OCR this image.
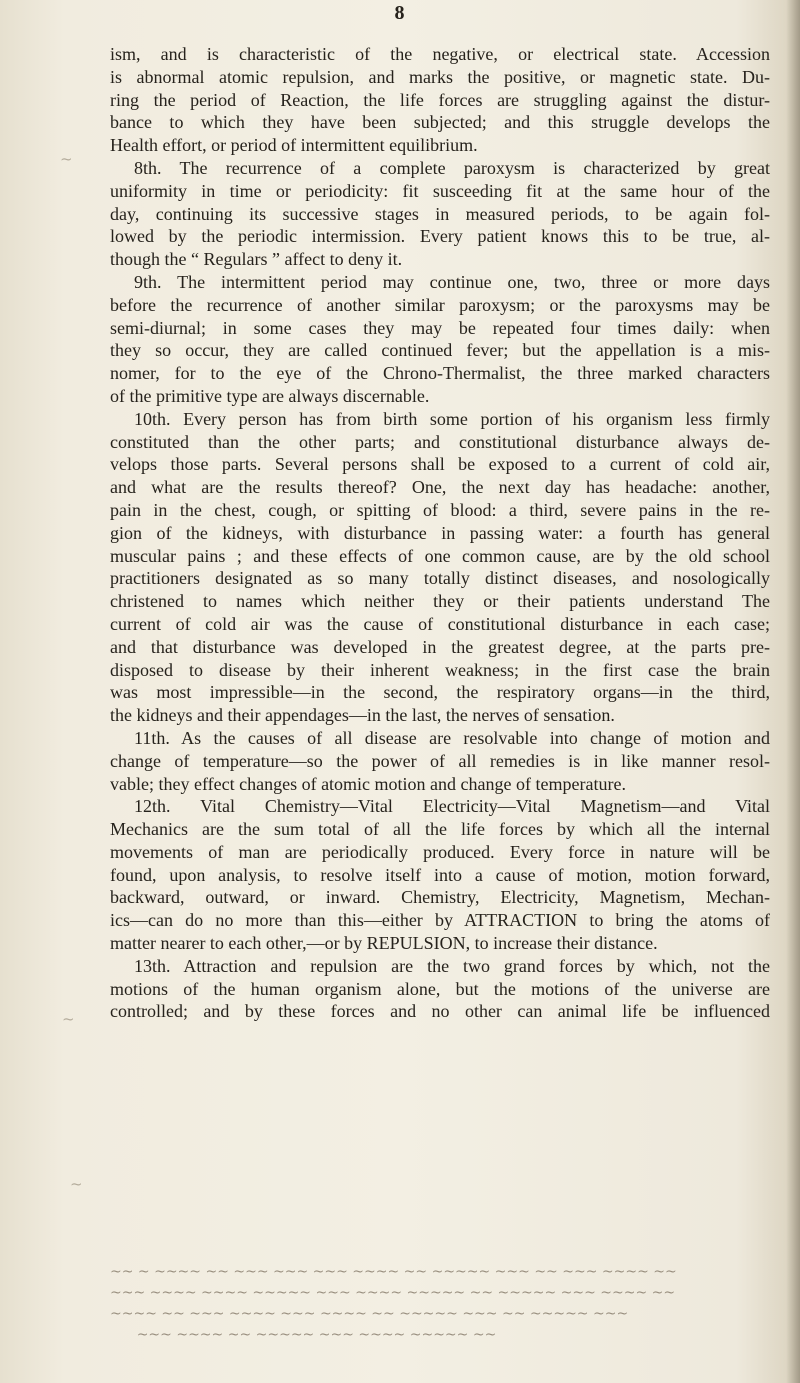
8
ism, and is characteristic of the negative, or electrical state. Accession
is abnormal atomic repulsion, and marks the positive, or magnetic state. Du-
ring the period of Reaction, the life forces are struggling against the distur-
bance to which they have been subjected; and this struggle develops the
Health effort, or period of intermittent equilibrium.
8th. The recurrence of a complete paroxysm is characterized by great
uniformity in time or periodicity: fit susceeding fit at the same hour of the
day, continuing its successive stages in measured periods, to be again fol-
lowed by the periodic intermission. Every patient knows this to be true, al-
though the “ Regulars ” affect to deny it.
9th. The intermittent period may continue one, two, three or more days
before the recurrence of another similar paroxysm; or the paroxysms may be
semi-diurnal; in some cases they may be repeated four times daily: when
they so occur, they are called continued fever; but the appellation is a mis-
nomer, for to the eye of the Chrono-Thermalist, the three marked characters
of the primitive type are always discernable.
10th. Every person has from birth some portion of his organism less firmly
constituted than the other parts; and constitutional disturbance always de-
velops those parts. Several persons shall be exposed to a current of cold air,
and what are the results thereof? One, the next day has headache: another,
pain in the chest, cough, or spitting of blood: a third, severe pains in the re-
gion of the kidneys, with disturbance in passing water: a fourth has general
muscular pains ; and these effects of one common cause, are by the old school
practitioners designated as so many totally distinct diseases, and nosologically
christened to names which neither they or their patients understand The
current of cold air was the cause of constitutional disturbance in each case;
and that disturbance was developed in the greatest degree, at the parts pre-
disposed to disease by their inherent weakness; in the first case the brain
was most impressible—in the second, the respiratory organs—in the third,
the kidneys and their appendages—in the last, the nerves of sensation.
11th. As the causes of all disease are resolvable into change of motion and
change of temperature—so the power of all remedies is in like manner resol-
vable; they effect changes of atomic motion and change of temperature.
12th. Vital Chemistry—Vital Electricity—Vital Magnetism—and Vital
Mechanics are the sum total of all the life forces by which all the internal
movements of man are periodically produced. Every force in nature will be
found, upon analysis, to resolve itself into a cause of motion, motion forward,
backward, outward, or inward. Chemistry, Electricity, Magnetism, Mechan-
ics—can do no more than this—either by ATTRACTION to bring the atoms of
matter nearer to each other,—or by REPULSION, to increase their distance.
13th. Attraction and repulsion are the two grand forces by which, not the
motions of the human organism alone, but the motions of the universe are
controlled; and by these forces and no other can animal life be influenced
~~ ~ ~~~~ ~~ ~~~ ~~~ ~~~ ~~~~ ~~ ~~~~~ ~~~ ~~ ~~~ ~~~~ ~~
~~~ ~~~~ ~~~~ ~~~~~ ~~~ ~~~~ ~~~~~ ~~ ~~~~~ ~~~ ~~~~ ~~
~~~~ ~~ ~~~ ~~~~ ~~~ ~~~~ ~~ ~~~~~ ~~~ ~~ ~~~~~ ~~~
~~~ ~~~~ ~~ ~~~~~ ~~~ ~~~~ ~~~~~ ~~
~
~
~
